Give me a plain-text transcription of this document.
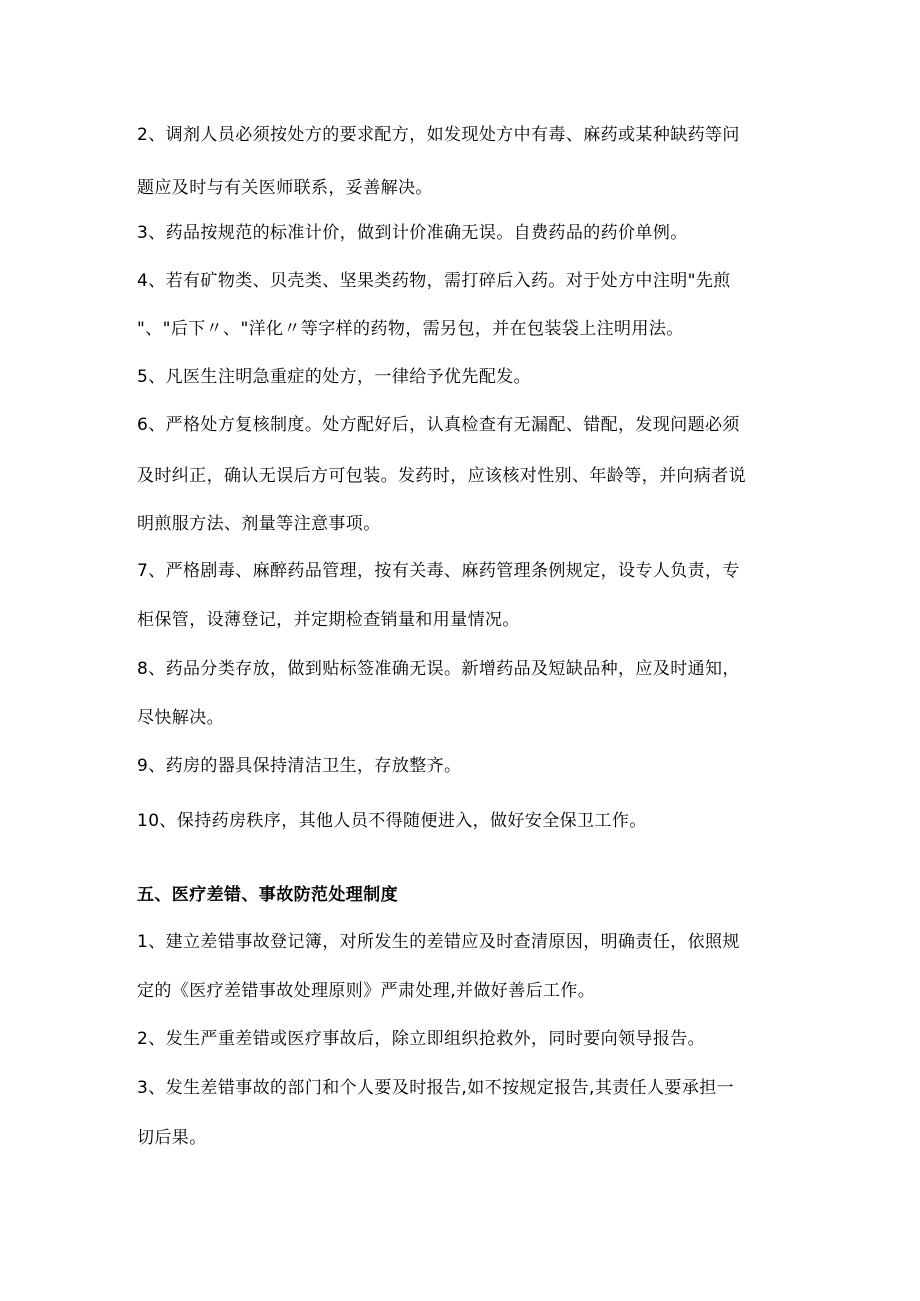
2、调剂人员必须按处方的要求配方，如发现处方中有毒、麻药或某种缺药等问
题应及时与有关医师联系，妥善解决。
3、药品按规范的标准计价，做到计价准确无误。自费药品的药价单例。
4、若有矿物类、贝壳类、坚果类药物，需打碎后入药。对于处方中注明"先煎
"、"后下〃、"洋化〃等字样的药物，需另包，并在包装袋上注明用法。
5、凡医生注明急重症的处方，一律给予优先配发。
6、严格处方复核制度。处方配好后，认真检查有无漏配、错配，发现问题必须
及时纠正，确认无误后方可包装。发药时，应该核对性别、年龄等，并向病者说
明煎服方法、剂量等注意事项。
7、严格剧毒、麻醉药品管理，按有关毒、麻药管理条例规定，设专人负责，专
柜保管，设薄登记，并定期检查销量和用量情况。
8、药品分类存放，做到贴标签准确无误。新增药品及短缺品种，应及时通知，
尽快解决。
9、药房的器具保持清洁卫生，存放整齐。
10、保持药房秩序，其他人员不得随便进入，做好安全保卫工作。
五、医疗差错、事故防范处理制度
1、建立差错事故登记簿，对所发生的差错应及时查清原因，明确责任，依照规
定的《医疗差错事故处理原则》严肃处理,并做好善后工作。
2、发生严重差错或医疗事故后，除立即组织抢救外，同时要向领导报告。
3、发生差错事故的部门和个人要及时报告,如不按规定报告,其责任人要承担一
切后果。
